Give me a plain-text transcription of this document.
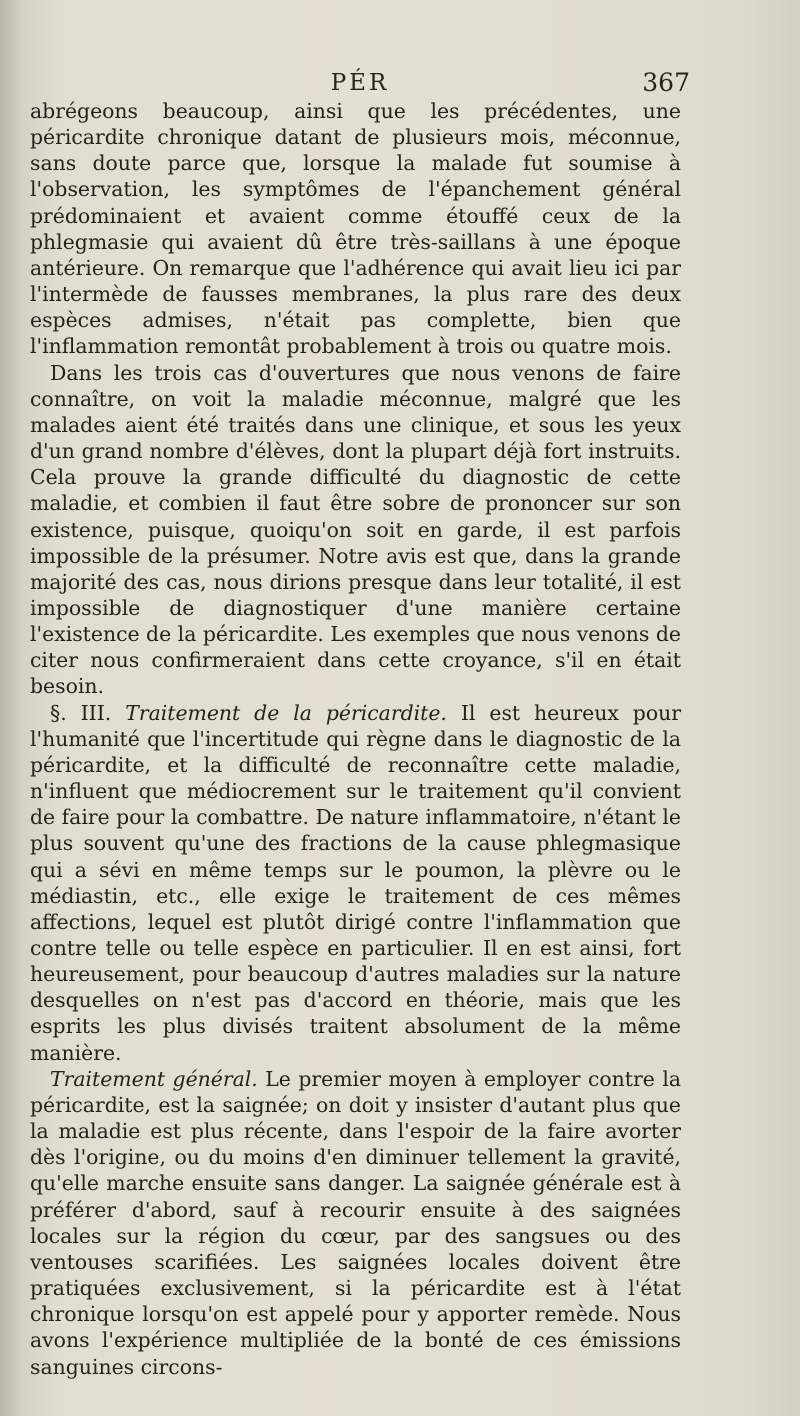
PÉR	367

abrégeons beaucoup, ainsi que les précédentes, une péricardite chronique datant de plusieurs mois, méconnue, sans doute parce que, lorsque la malade fut soumise à l'observation, les symptômes de l'épanchement général prédominaient et avaient comme étouffé ceux de la phlegmasie qui avaient dû être très-saillans à une époque antérieure. On remarque que l'adhérence qui avait lieu ici par l'intermède de fausses membranes, la plus rare des deux espèces admises, n'était pas complette, bien que l'inflammation remontât probablement à trois ou quatre mois.

Dans les trois cas d'ouvertures que nous venons de faire connaître, on voit la maladie méconnue, malgré que les malades aient été traités dans une clinique, et sous les yeux d'un grand nombre d'élèves, dont la plupart déjà fort instruits. Cela prouve la grande difficulté du diagnostic de cette maladie, et combien il faut être sobre de prononcer sur son existence, puisque, quoiqu'on soit en garde, il est parfois impossible de la présumer. Notre avis est que, dans la grande majorité des cas, nous dirions presque dans leur totalité, il est impossible de diagnostiquer d'une manière certaine l'existence de la péricardite. Les exemples que nous venons de citer nous confirmeraient dans cette croyance, s'il en était besoin.

§. III. Traitement de la péricardite. Il est heureux pour l'humanité que l'incertitude qui règne dans le diagnostic de la péricardite, et la difficulté de reconnaître cette maladie, n'influent que médiocrement sur le traitement qu'il convient de faire pour la combattre. De nature inflammatoire, n'étant le plus souvent qu'une des fractions de la cause phlegmasique qui a sévi en même temps sur le poumon, la plèvre ou le médiastin, etc., elle exige le traitement de ces mêmes affections, lequel est plutôt dirigé contre l'inflammation que contre telle ou telle espèce en particulier. Il en est ainsi, fort heureusement, pour beaucoup d'autres maladies sur la nature desquelles on n'est pas d'accord en théorie, mais que les esprits les plus divisés traitent absolument de la même manière.

Traitement général. Le premier moyen à employer contre la péricardite, est la saignée; on doit y insister d'autant plus que la maladie est plus récente, dans l'espoir de la faire avorter dès l'origine, ou du moins d'en diminuer tellement la gravité, qu'elle marche ensuite sans danger. La saignée générale est à préférer d'abord, sauf à recourir ensuite à des saignées locales sur la région du cœur, par des sangsues ou des ventouses scarifiées. Les saignées locales doivent être pratiquées exclusivement, si la péricardite est à l'état chronique lorsqu'on est appelé pour y apporter remède. Nous avons l'expérience multipliée de la bonté de ces émissions sanguines circons-
